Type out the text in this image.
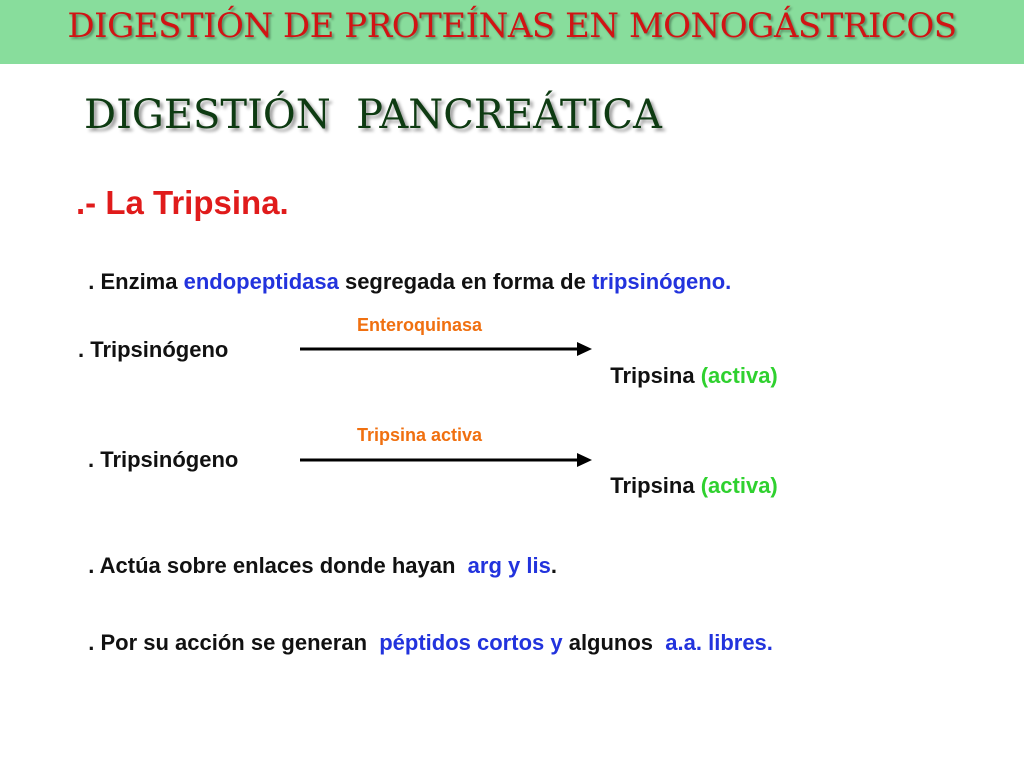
DIGESTIÓN DE PROTEÍNAS EN MONOGÁSTRICOS
DIGESTIÓN  PANCREÁTICA
.- La Tripsina.

. Enzima endopeptidasa segregada en forma de tripsinógeno.

Enteroquinasa
. Tripsinógeno

Tripsina (activa)

Tripsina activa
. Tripsinógeno

Tripsina (activa)

. Actúa sobre enlaces donde hayan  arg y lis.

. Por su acción se generan  péptidos cortos y algunos  a.a. libres.
